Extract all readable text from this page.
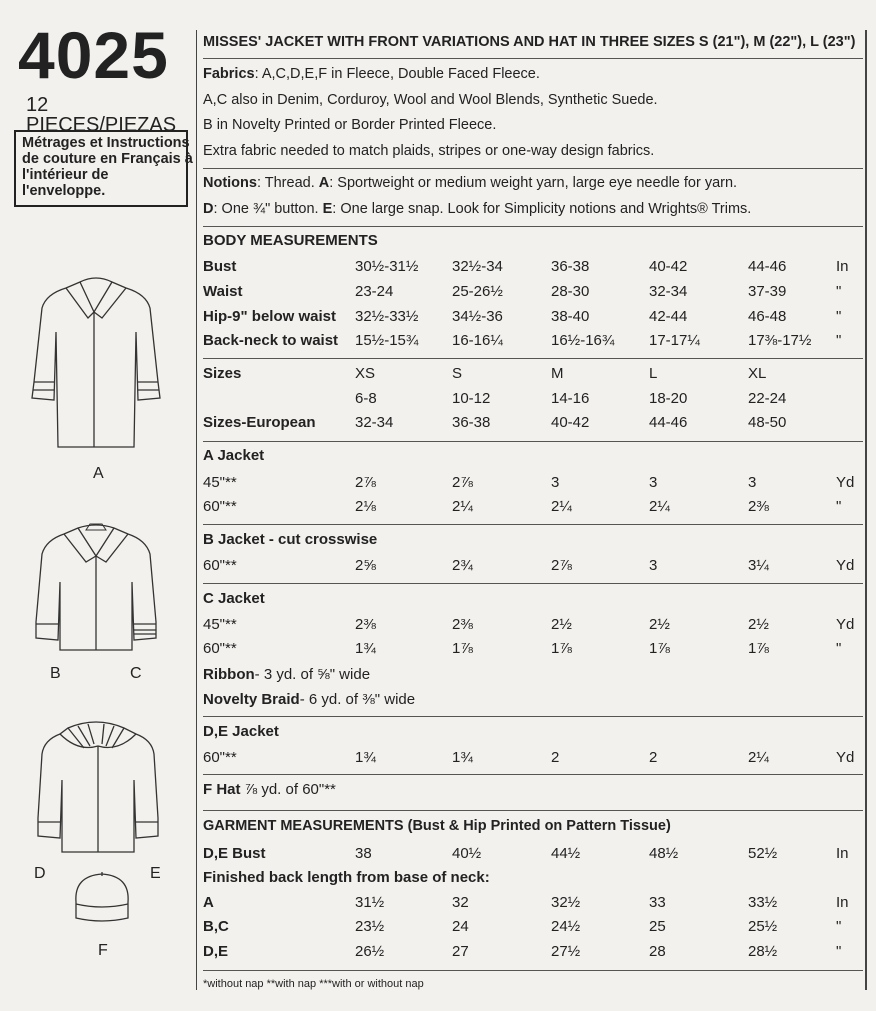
4025
12 PIECES/PIEZAS
Métrages et Instructions
de couture en Français à
l'intérieur de
l'enveloppe.
A
B	C
D	E
F
MISSES' JACKET WITH FRONT VARIATIONS AND HAT IN THREE SIZES S (21"), M (22"), L (23")
Fabrics: A,C,D,E,F in Fleece, Double Faced Fleece.
A,C also in Denim, Corduroy, Wool and Wool Blends, Synthetic Suede.
B in Novelty Printed or Border Printed Fleece.
Extra fabric needed to match plaids, stripes or one-way design fabrics.
Notions: Thread. A: Sportweight or medium weight yarn, large eye needle for yarn.
D: One ¾" button. E: One large snap. Look for Simplicity notions and Wrights® Trims.
BODY MEASUREMENTS
Bust	30½-31½ 32½-34	36-38	40-42	44-46	In
Waist	23-24	25-26½	28-30	32-34	37-39	"
Hip-9" below waist 32½-33½ 34½-36	38-40	42-44	46-48	"
Back-neck to waist 15½-15¾ 16-16¼	16½-16¾ 17-17¼	17⅜-17½ "
Sizes	XS	S	M	L	XL
6-8	10-12	14-16	18-20	22-24
Sizes-European	32-34	36-38	40-42	44-46	48-50
A Jacket
45"**	2⅞	2⅞	3	3	3	Yd
60"**	2⅛	2¼	2¼	2¼	2⅜	"
B Jacket - cut crosswise
60"**	2⅝	2¾	2⅞	3	3¼	Yd
C Jacket
45"**	2⅜	2⅜	2½	2½	2½	Yd
60"**	1¾	1⅞	1⅞	1⅞	1⅞	"
Ribbon- 3 yd. of ⅝" wide
Novelty Braid- 6 yd. of ⅜" wide
D,E Jacket
60"**	1¾	1¾	2	2	2¼	Yd
F Hat ⅞ yd. of 60"**
GARMENT MEASUREMENTS (Bust & Hip Printed on Pattern Tissue)
D,E Bust	38	40½	44½	48½	52½	In
Finished back length from base of neck:
A	31½	32	32½	33	33½	In
B,C	23½	24	24½	25	25½	"
D,E	26½	27	27½	28	28½	"
*without nap **with nap ***with or without nap
